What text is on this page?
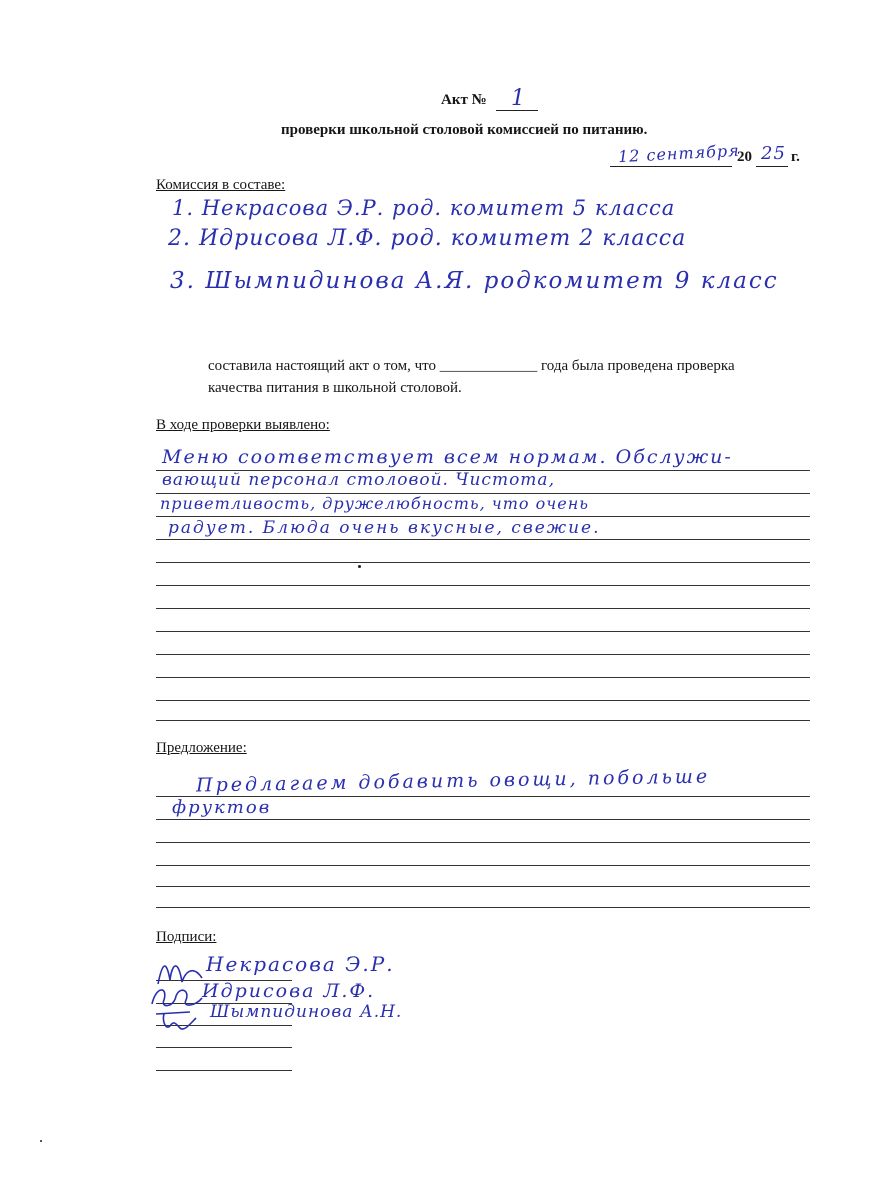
Акт № 1
проверки школьной столовой комиссией по питанию.
12 сентября
20 25 г.
Комиссия в составе:
1. Некрасова Э.Р. род. комитет 5 класса
2. Идрисова Л.Ф. род. комитет 2 класса
3. Шымпидинова А.Я. родкомитет 9 класс
составила настоящий акт о том, что _____________ года была проведена проверка
качества питания в школьной столовой.
В ходе проверки выявлено:
Меню соответствует всем нормам. Обслужи-
вающий персонал столовой. Чистота,
приветливость, дружелюбность, что очень
радует. Блюда очень вкусные, свежие.
Предложение:
Предлагаем добавить овощи, побольше
фруктов
Подписи:
Некрасова Э.Р.
Идрисова Л.Ф.
Шымпидинова А.Н.
